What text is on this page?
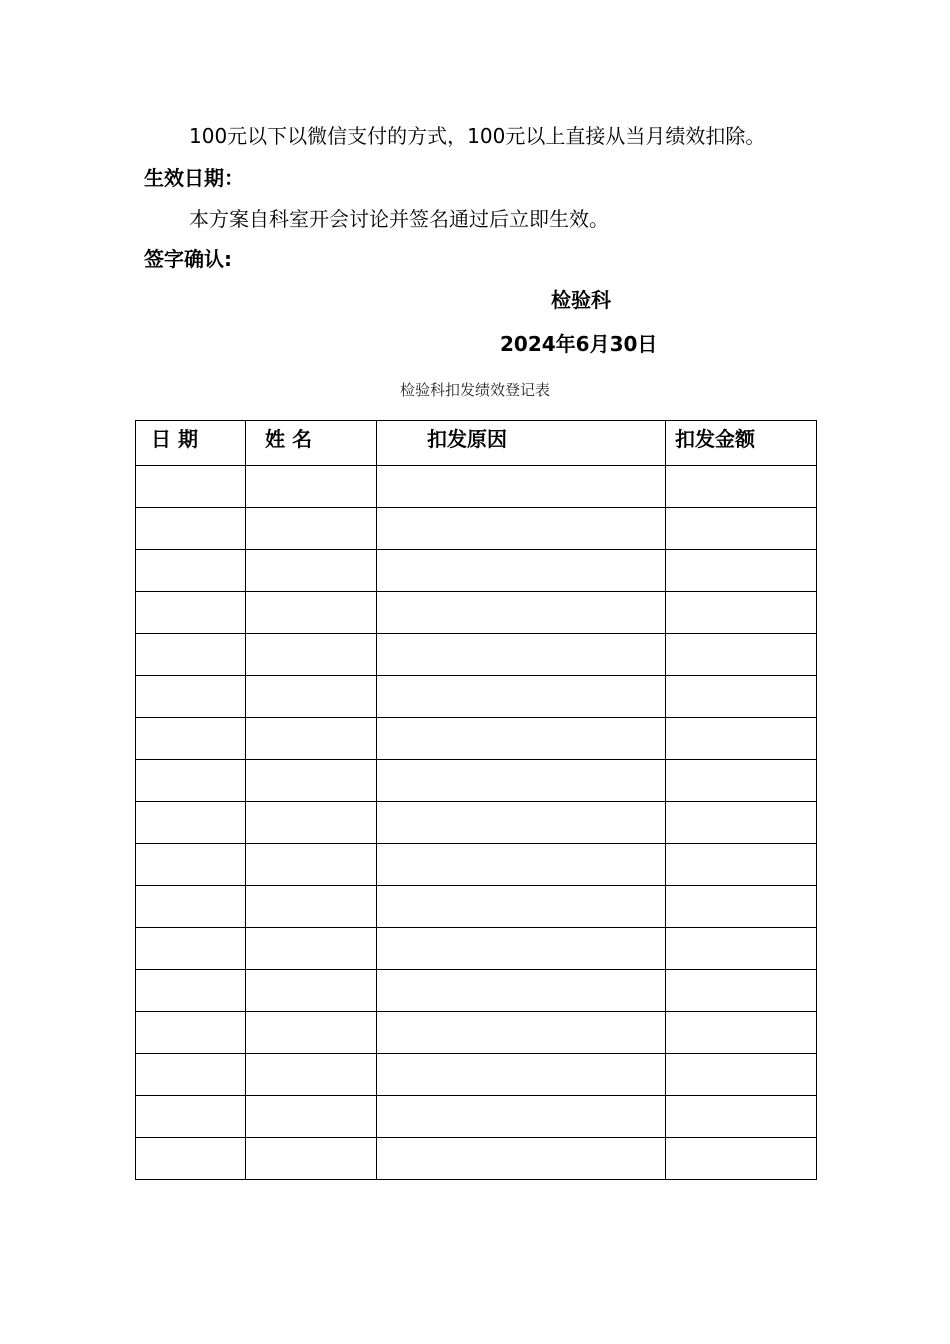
100元以下以微信支付的方式，100元以上直接从当月绩效扣除。
生效日期：
本方案自科室开会讨论并签名通过后立即生效。
签字确认:
检验科
2024年6月30日
检验科扣发绩效登记表
日 期	姓 名	扣发原因	扣发金额
